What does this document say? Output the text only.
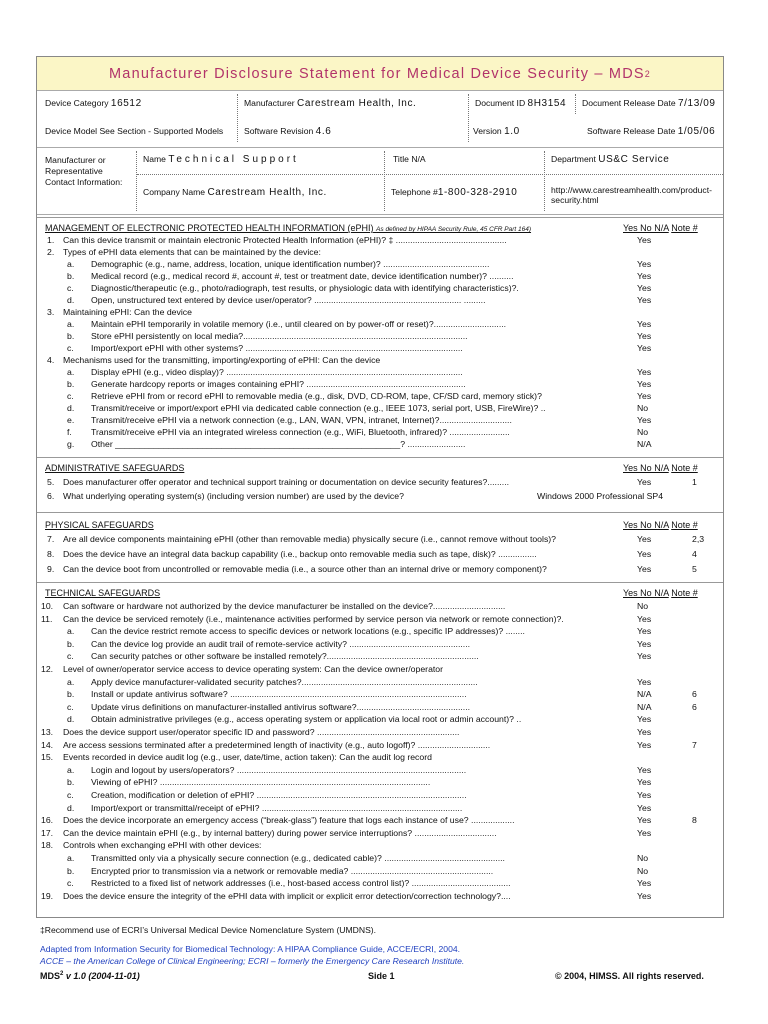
Manufacturer Disclosure Statement for Medical Device Security – MDS 2
Device Category 16512	Manufacturer Carestream Health, Inc.	Document ID 8H3154 Document Release Date 7/13/09
Device Model See Section - Supported Models Software Revision 4.6	Version 1.0	Software Release Date 1/05/06
Manufacturer or
Representative
Contact Information:
Name Technical Support	Title N/A	Department US&C Service
Company Name Carestream Health, Inc.	Telephone #1-800-328-2910	http://www.carestreamhealth.com/product-
security.html
MANAGEMENT OF ELECTRONIC PROTECTED HEALTH INFORMATION (ePHI) As defined by HIPAA Security Rule, 45 CFR Part 164)	Yes No N/A Note #
1. Can this device transmit or maintain electronic Protected Health Information (ePHI)? ‡ ..............................................	Yes
2. Types of ePHI data elements that can be maintained by the device:
a. Demographic (e.g., name, address, location, unique identification number)? ............................................	Yes
b. Medical record (e.g., medical record #, account #, test or treatment date, device identification number)? ..........	Yes
c. Diagnostic/therapeutic (e.g., photo/radiograph, test results, or physiologic data with identifying characteristics)?.	Yes
d. Open, unstructured text entered by device user/operator? ............................................................. .........	Yes
3. Maintaining ePHI: Can the device
a. Maintain ePHI temporarily in volatile memory (i.e., until cleared on by power-off or reset)?..............................	Yes
b. Store ePHI persistently on local media?.............................................................................................	Yes
c. Import/export ePHI with other systems? ..........................................................................................	Yes
4. Mechanisms used for the transmitting, importing/exporting of ePHI: Can the device
a. Display ePHI (e.g., video display)? ..................................................................................................	Yes
b. Generate hardcopy reports or images containing ePHI? ..................................................................	Yes
c. Retrieve ePHI from or record ePHI to removable media (e.g., disk, DVD, CD-ROM, tape, CF/SD card, memory stick)?	Yes
d. Transmit/receive or import/export ePHI via dedicated cable connection (e.g., IEEE 1073, serial port, USB, FireWire)? ..	No
e. Transmit/receive ePHI via a network connection (e.g., LAN, WAN, VPN, intranet, Internet)?..............................	Yes
f. Transmit/receive ePHI via an integrated wireless connection (e.g., WiFi, Bluetooth, infrared)? .........................	No
g. Other ___________________________________________________________? ........................	N/A
ADMINISTRATIVE SAFEGUARDS	Yes No N/A Note #
5. Does manufacturer offer operator and technical support training or documentation on device security features?.........	Yes	1
6. What underlying operating system(s) (including version number) are used by the device?	Windows 2000 Professional SP4
PHYSICAL SAFEGUARDS	Yes No N/A Note #
7. Are all device components maintaining ePHI (other than removable media) physically secure (i.e., cannot remove without tools)?	Yes	2,3
8. Does the device have an integral data backup capability (i.e., backup onto removable media such as tape, disk)? ................	Yes	4
9. Can the device boot from uncontrolled or removable media (i.e., a source other than an internal drive or memory component)?	Yes	5
TECHNICAL SAFEGUARDS	Yes No N/A Note #
10. Can software or hardware not authorized by the device manufacturer be installed on the device?..............................	No
11. Can the device be serviced remotely (i.e., maintenance activities performed by service person via network or remote connection)?.	Yes
a. Can the device restrict remote access to specific devices or network locations (e.g., specific IP addresses)? ........	Yes
b. Can the device log provide an audit trail of remote-service activity? ..................................................	Yes
c. Can security patches or other software be installed remotely?...............................................................	Yes
12. Level of owner/operator service access to device operating system: Can the device owner/operator
a. Apply device manufacturer-validated security patches?.........................................................................	Yes
b. Install or update antivirus software? ..................................................................................................	N/A	6
c. Update virus definitions on manufacturer-installed antivirus software?...............................................	N/A	6
d. Obtain administrative privileges (e.g., access operating system or application via local root or admin account)? ..	Yes
13. Does the device support user/operator specific ID and password? ...........................................................	Yes
14. Are access sessions terminated after a predetermined length of inactivity (e.g., auto logoff)? ..............................	Yes	7
15. Events recorded in device audit log (e.g., user, date/time, action taken): Can the audit log record
a. Login and logout by users/operators? ...............................................................................................	Yes
b. Viewing of ePHI? ................................................................................................................	Yes
c. Creation, modification or deletion of ePHI? .......................................................................................	Yes
d. Import/export or transmittal/receipt of ePHI? ...................................................................................	Yes
16. Does the device incorporate an emergency access (“break-glass”) feature that logs each instance of use? ..................	Yes	8
17. Can the device maintain ePHI (e.g., by internal battery) during power service interruptions? ..................................	Yes
18. Controls when exchanging ePHI with other devices:
a. Transmitted only via a physically secure connection (e.g., dedicated cable)? ..................................................	No
b. Encrypted prior to transmission via a network or removable media? ...........................................................	No
c. Restricted to a fixed list of network addresses (i.e., host-based access control list)? .........................................	Yes
19. Does the device ensure the integrity of the ePHI data with implicit or explicit error detection/correction technology?....	Yes
‡Recommend use of ECRI’s Universal Medical Device Nomenclature System (UMDNS).
Adapted from Information Security for Biomedical Technology: A HIPAA Compliance Guide, ACCE/ECRI, 2004.
ACCE – the American College of Clinical Engineering; ECRI – formerly the Emergency Care Research Institute.
MDS$^2$ v 1.0 (2004-11-01)	Side 1	© 2004, HIMSS. All rights reserved.
